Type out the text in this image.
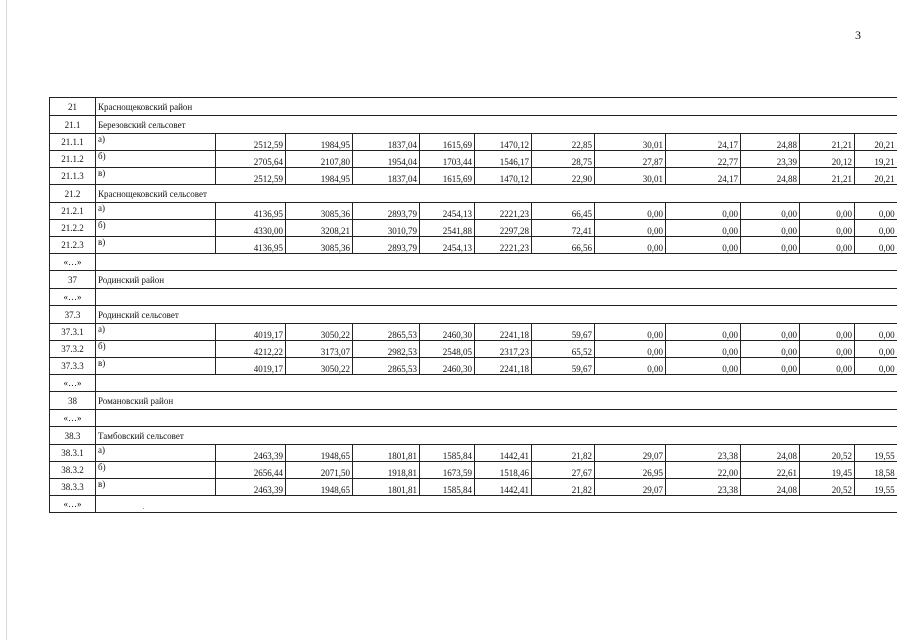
3
21	Краснощековский район											
21.1	Березовский сельсовет											
21.1.1	а)	2512,59	1984,95	1837,04	1615,69	1470,12	22,85	30,01	24,17	24,88	21,21	20,21
21.1.2	б)	2705,64	2107,80	1954,04	1703,44	1546,17	28,75	27,87	22,77	23,39	20,12	19,21
21.1.3	в)	2512,59	1984,95	1837,04	1615,69	1470,12	22,90	30,01	24,17	24,88	21,21	20,21
21.2	Краснощековский сельсовет											
21.2.1	а)	4136,95	3085,36	2893,79	2454,13	2221,23	66,45	0,00	0,00	0,00	0,00	0,00
21.2.2	б)	4330,00	3208,21	3010,79	2541,88	2297,28	72,41	0,00	0,00	0,00	0,00	0,00
21.2.3	в)	4136,95	3085,36	2893,79	2454,13	2221,23	66,56	0,00	0,00	0,00	0,00	0,00
«…»												
37	Родинский район											
«…»												
37.3	Родинский сельсовет											
37.3.1	а)	4019,17	3050,22	2865,53	2460,30	2241,18	59,67	0,00	0,00	0,00	0,00	0,00
37.3.2	б)	4212,22	3173,07	2982,53	2548,05	2317,23	65,52	0,00	0,00	0,00	0,00	0,00
37.3.3	в)	4019,17	3050,22	2865,53	2460,30	2241,18	59,67	0,00	0,00	0,00	0,00	0,00
«…»												
38	Романовский район											
«…»												
38.3	Тамбовский сельсовет											
38.3.1	а)	2463,39	1948,65	1801,81	1585,84	1442,41	21,82	29,07	23,38	24,08	20,52	19,55
38.3.2	б)	2656,44	2071,50	1918,81	1673,59	1518,46	27,67	26,95	22,00	22,61	19,45	18,58
38.3.3	в)	2463,39	1948,65	1801,81	1585,84	1442,41	21,82	29,07	23,38	24,08	20,52	19,55
«…»												
